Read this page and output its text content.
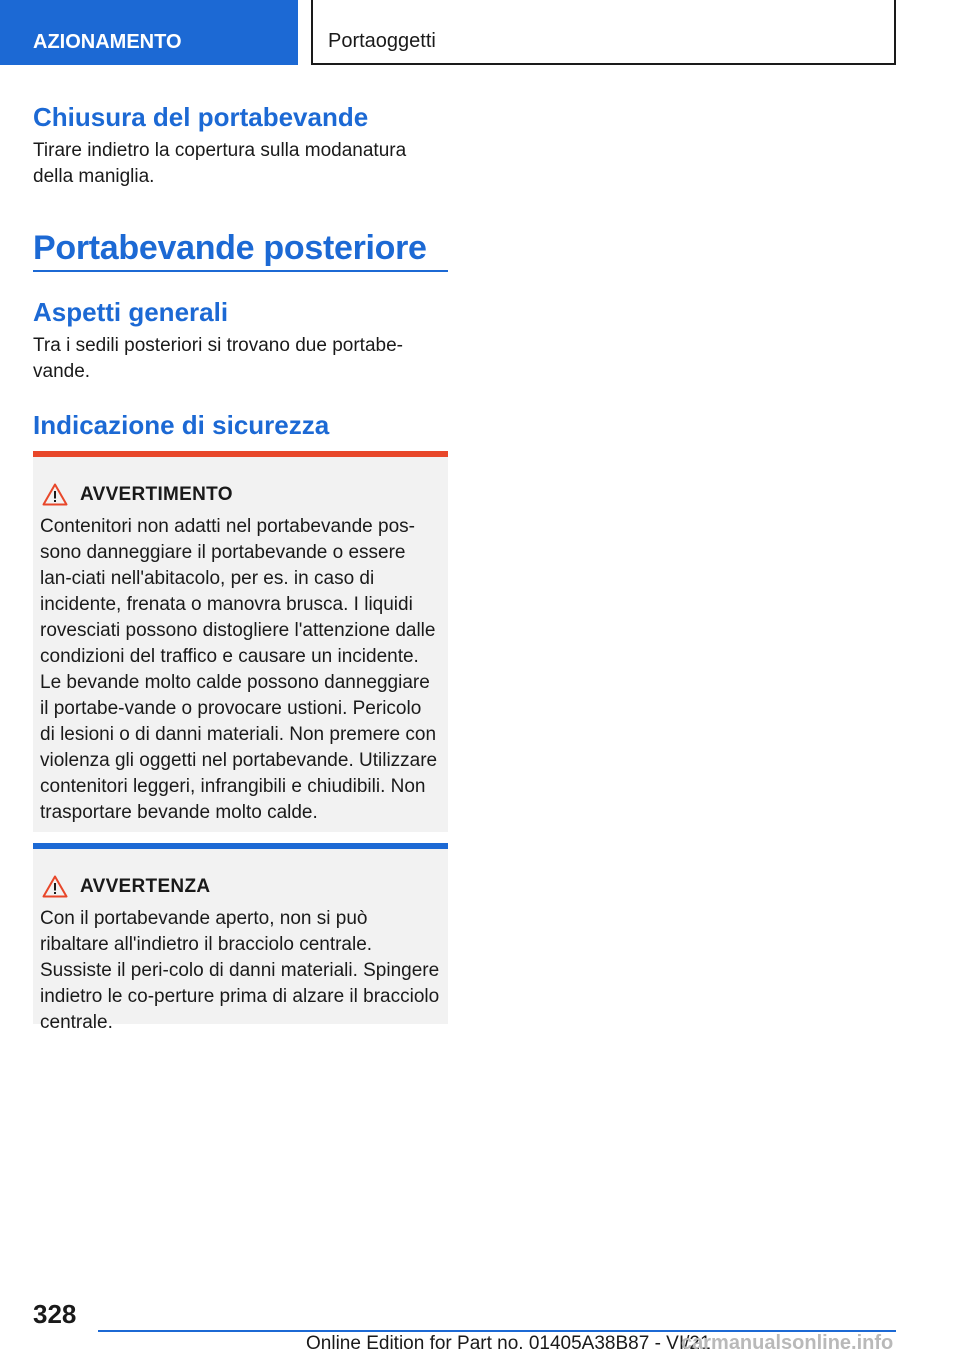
AZIONAMENTO	Portaoggetti
Chiusura del portabevande

Tirare indietro la copertura sulla modanatura della maniglia.

Portabevande posteriore
Aspetti generali

Tra i sedili posteriori si trovano due portabe-vande.

Indicazione di sicurezza
AVVERTIMENTO

Contenitori non adatti nel portabevande pos-sono danneggiare il portabevande o essere lan-ciati nell'abitacolo, per es. in caso di incidente, frenata o manovra brusca. I liquidi rovesciati possono distogliere l'attenzione dalle condizioni del traffico e causare un incidente. Le bevande molto calde possono danneggiare il portabe-vande o provocare ustioni. Pericolo di lesioni o di danni materiali. Non premere con violenza gli oggetti nel portabevande. Utilizzare contenitori leggeri, infrangibili e chiudibili. Non trasportare bevande molto calde.

AVVERTENZA

Con il portabevande aperto, non si può ribaltare all'indietro il bracciolo centrale. Sussiste il peri-colo di danni materiali. Spingere indietro le co-perture prima di alzare il bracciolo centrale.

328
Online Edition for Part no. 01405A38B87 - VI/21
carmanualsonline.info
